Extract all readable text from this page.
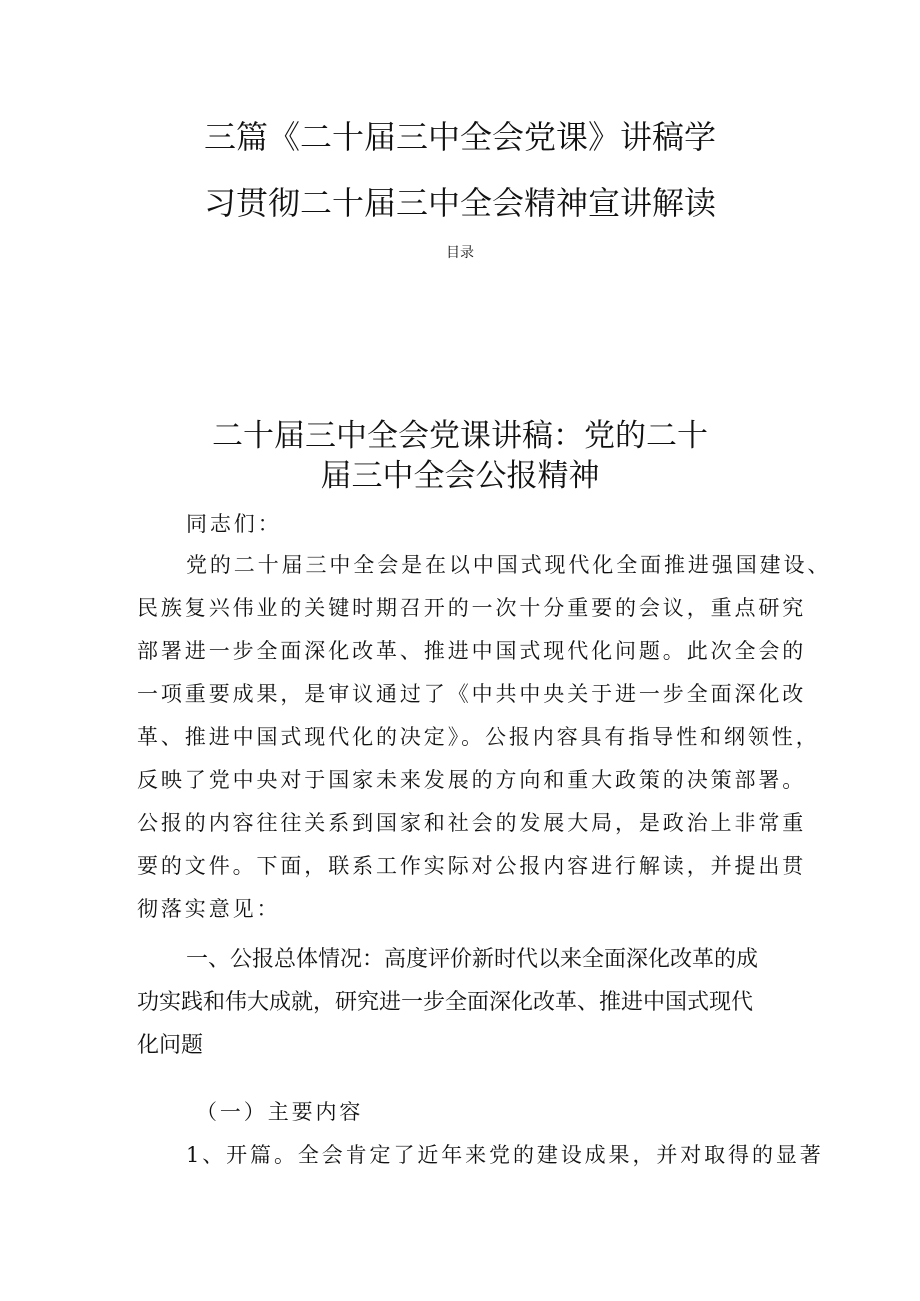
三篇《二十届三中全会党课》讲稿学
习贯彻二十届三中全会精神宣讲解读
目录
二十届三中全会党课讲稿：党的二十
届三中全会公报精神
同志们：
党的二十届三中全会是在以中国式现代化全面推进强国建设、
民族复兴伟业的关键时期召开的一次十分重要的会议，重点研究
部署进一步全面深化改革、推进中国式现代化问题。此次全会的
一项重要成果，是审议通过了《中共中央关于进一步全面深化改
革、推进中国式现代化的决定》。公报内容具有指导性和纲领性，
反映了党中央对于国家未来发展的方向和重大政策的决策部署。
公报的内容往往关系到国家和社会的发展大局，是政治上非常重
要的文件。下面，联系工作实际对公报内容进行解读，并提出贯
彻落实意见：
一、公报总体情况：高度评价新时代以来全面深化改革的成
功实践和伟大成就，研究进一步全面深化改革、推进中国式现代
化问题
（一）主要内容
1、开篇。全会肯定了近年来党的建设成果，并对取得的显著
